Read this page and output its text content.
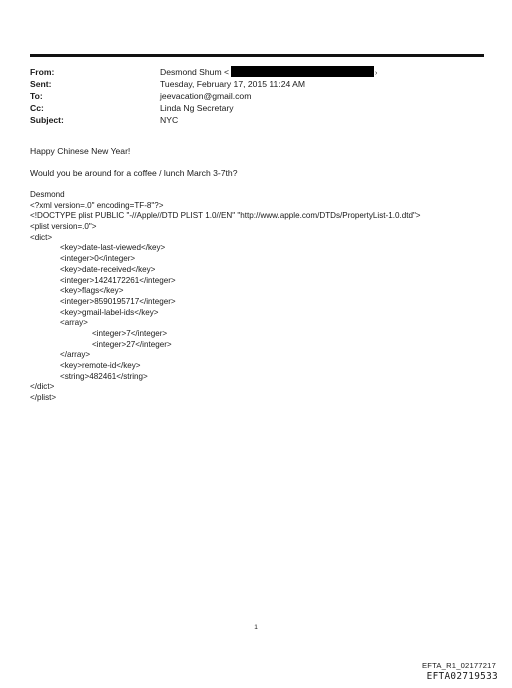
From:	Desmond Shum <	›
Sent:	Tuesday, February 17, 2015 11:24 AM
To:	jeevacation@gmail.com
Cc:	Linda Ng Secretary
Subject:	NYC

Happy Chinese New Year!

Would you be around for a coffee / lunch March 3-7th?

Desmond
<?xml version=.0" encoding=TF-8"?>
<!DOCTYPE plist PUBLIC "-//Apple//DTD PLIST 1.0//EN" "http://www.apple.com/DTDs/PropertyList-1.0.dtd">
<plist version=.0">
<dict>
<key>date-last-viewed</key>
<integer>0</integer>
<key>date-received</key>
<integer>1424172261</integer>
<key>flags</key>
<integer>8590195717</integer>
<key>gmail-label-ids</key>
<array>
<integer>7</integer>
<integer>27</integer>
</array>
<key>remote-id</key>
<string>482461</string>
</dict>
</plist>
1
EFTA_R1_02177217
EFTA02719533
